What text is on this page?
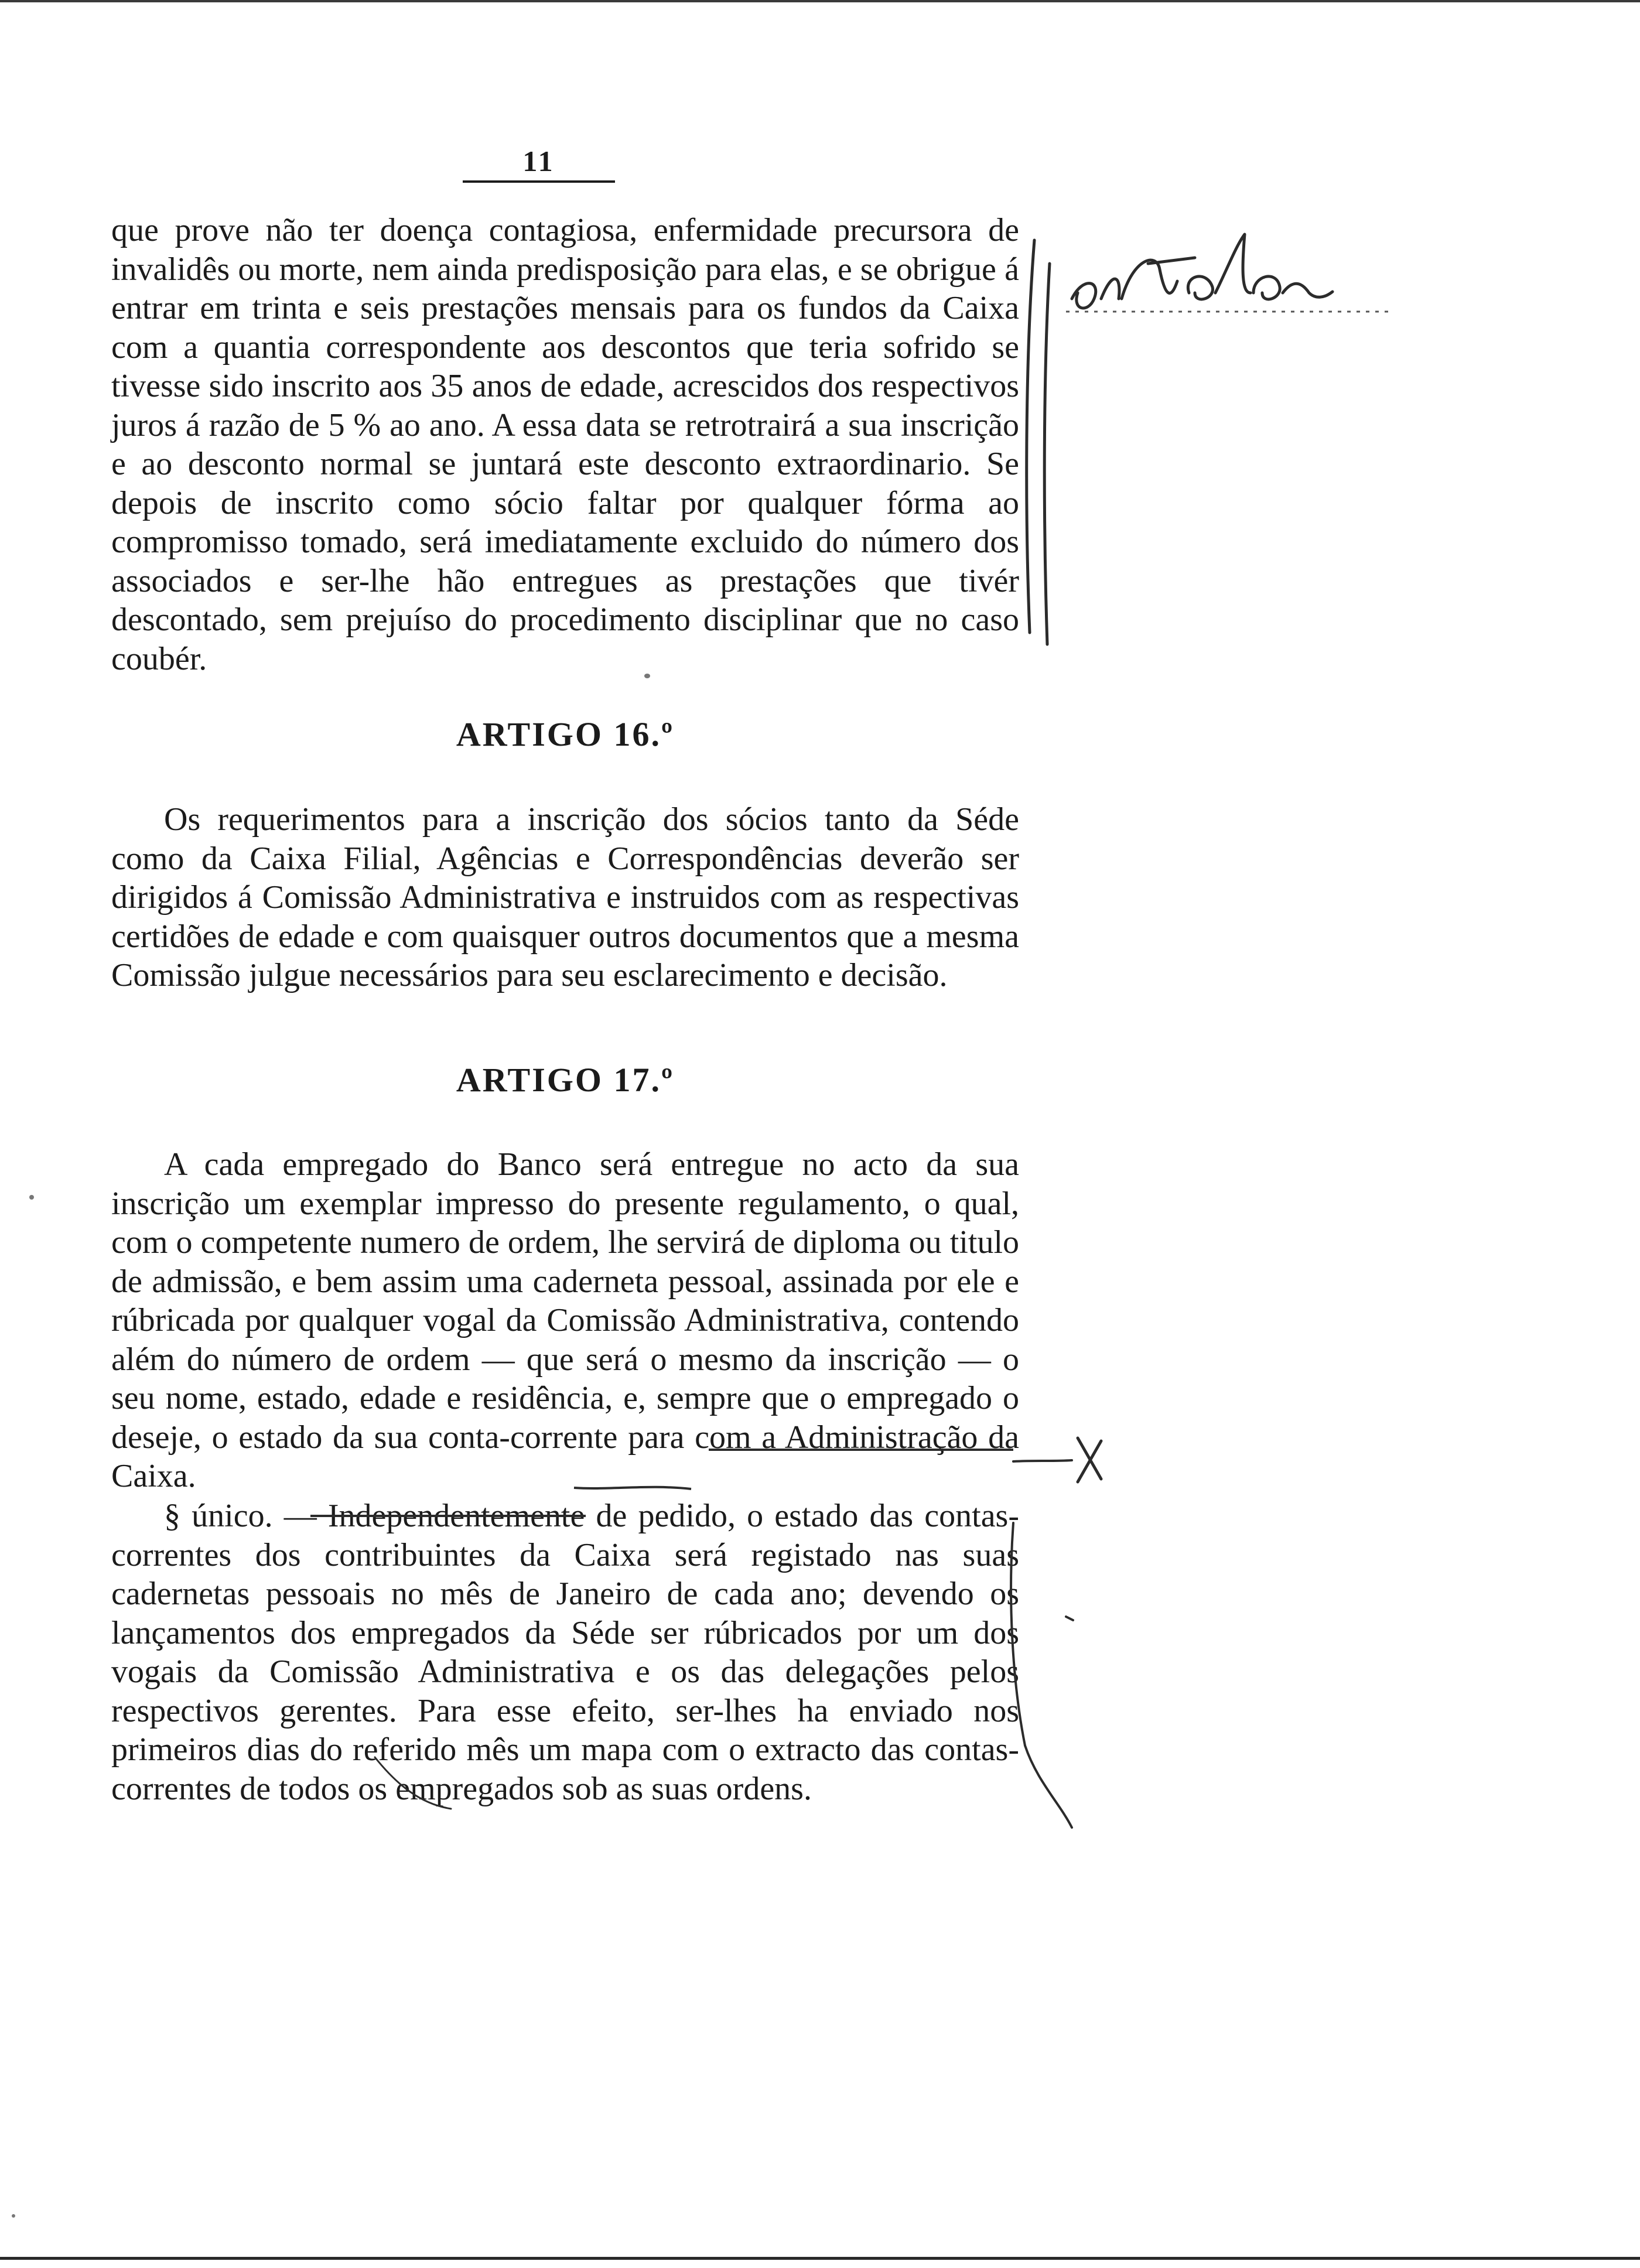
11

que prove não ter doença contagiosa, enfermidade precursora de invalidês ou morte, nem ainda predisposição para elas, e se obrigue á entrar em trinta e seis prestações mensais para os fundos da Caixa com a quantia correspondente aos descontos que teria sofrido se tivesse sido inscrito aos 35 anos de edade, acrescidos dos respectivos juros á razão de 5 % ao ano. A essa data se retrotrairá a sua inscrição e ao desconto normal se juntará este desconto extraordinario. Se depois de inscrito como sócio faltar por qualquer fórma ao compromisso tomado, será imediatamente excluido do número dos associados e ser-lhe hão entregues as prestações que tivér descontado, sem prejuíso do procedimento disciplinar que no caso coubér.

ARTIGO 16.º

Os requerimentos para a inscrição dos sócios tanto da Séde como da Caixa Filial, Agências e Correspondências deverão ser dirigidos á Comissão Administrativa e instruidos com as respectivas certidões de edade e com quaisquer outros documentos que a mesma Comissão julgue necessários para seu esclarecimento e decisão.

ARTIGO 17.º

A cada empregado do Banco será entregue no acto da sua inscrição um exemplar impresso do presente regulamento, o qual, com o competente numero de ordem, lhe servirá de diploma ou titulo de admissão, e bem assim uma caderneta pessoal, assinada por ele e rúbricada por qualquer vogal da Comissão Administrativa, contendo além do número de ordem — que será o mesmo da inscrição — o seu nome, estado, edade e residência, e, sempre que o empregado o deseje, o estado da sua conta-corrente para com a Administração da Caixa.

§ único. — Independentemente de pedido, o estado das contas-correntes dos contribuintes da Caixa será registado nas suas cadernetas pessoais no mês de Janeiro de cada ano; devendo os lançamentos dos empregados da Séde ser rúbricados por um dos vogais da Comissão Administrativa e os das delegações pelos respectivos gerentes. Para esse efeito, ser-lhes ha enviado nos primeiros dias do referido mês um mapa com o extracto das contas-correntes de todos os empregados sob as suas ordens.

eliminadas
